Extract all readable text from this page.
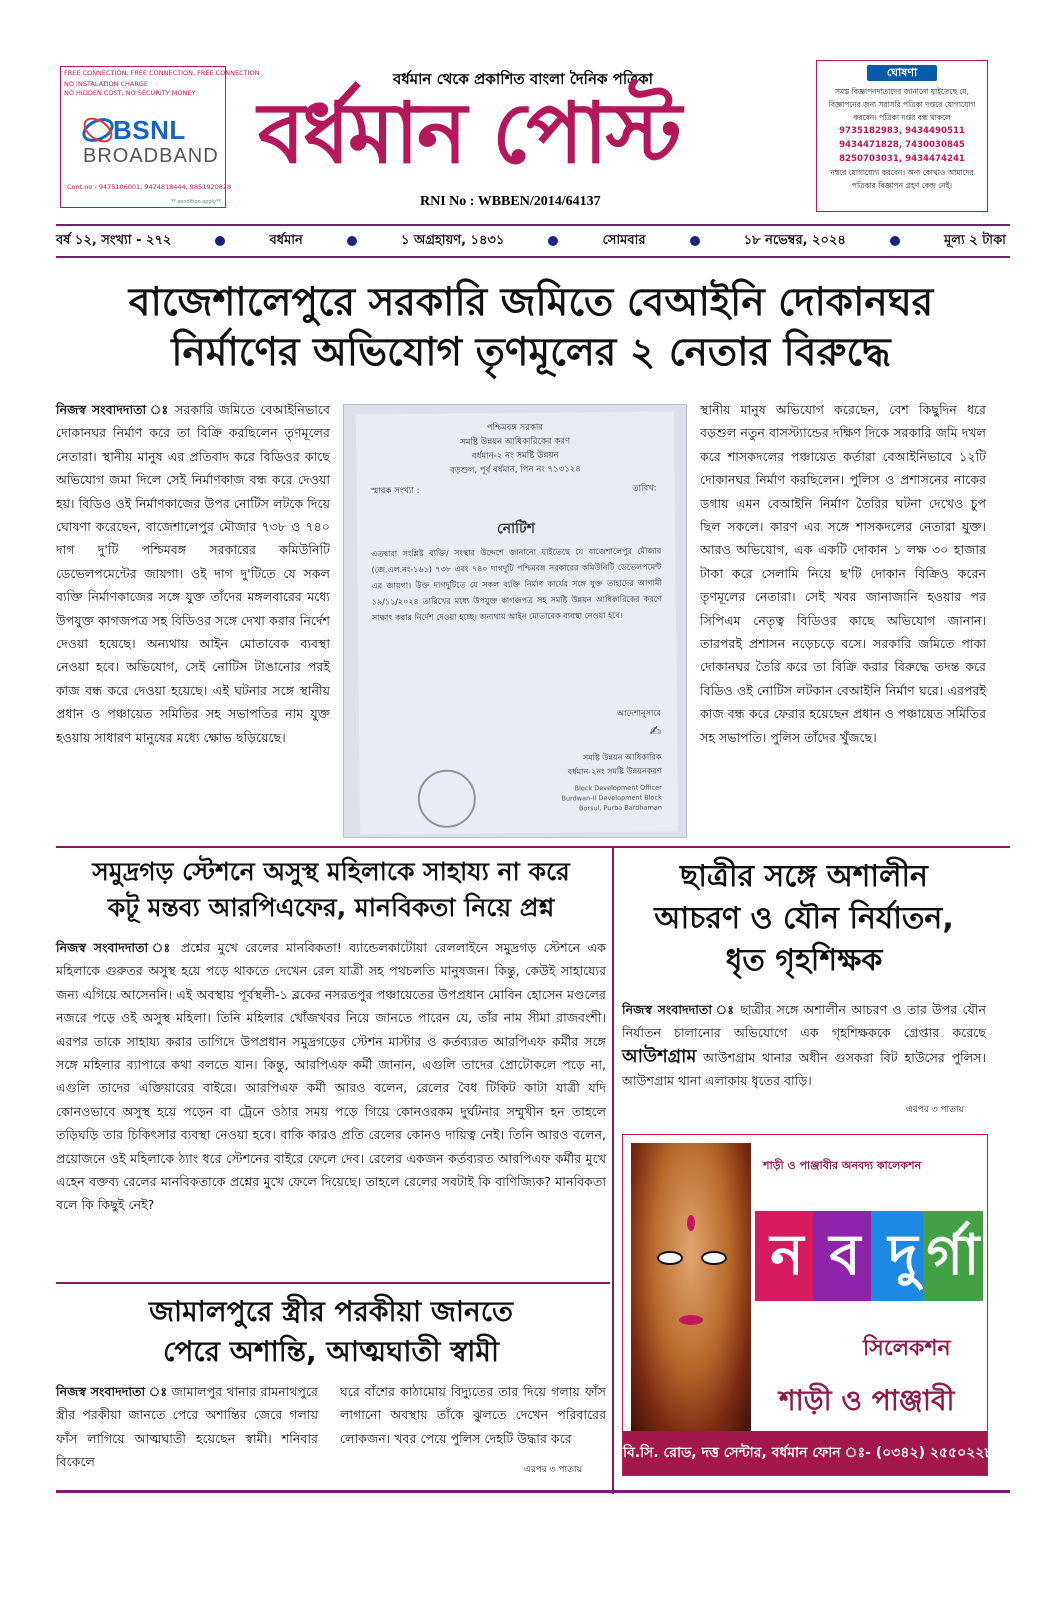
FREE CONNECTION, FREE CONNECTION, FREE CONNECTION
NO INSTALATION CHARGE
NO HIDDEN COST, NO SECURITY MONEY
BSNL
BROADBAND
Cont.no - 9475106001, 9474818444, 9851920828
** condition apply**
বর্ধমান থেকে প্রকাশিত বাংলা দৈনিক পত্রিকা
বর্ধমান পোস্ট
RNI No : WBBEN/2014/64137
ঘোষণা
সমস্ত বিজ্ঞাপনদাতাদের জানানো যাইতেছে যে, বিজ্ঞাপনের জন্য সরাসরি পত্রিকা দপ্তরে যোগাযোগ করবেন। পত্রিকা দপ্তর বন্ধ থাকলে
9735182983, 9434490511
9434471828, 7430030845
8250703031, 9434474241
নম্বরে যোগাযোগ করবেন। অন্য কোথাও আমাদের পত্রিকার বিজ্ঞাপন গ্রহণ কেন্দ্র নেই।
বর্ষ ১২, সংখ্যা - ২৭২	বর্ধমান	১ অগ্রহায়ণ, ১৪৩১	সোমবার	১৮ নভেম্বর, ২০২৪	মূল্য ২ টাকা
বাজেশালেপুরে সরকারি জমিতে বেআইনি দোকানঘর
নির্মাণের অভিযোগ তৃণমূলের ২ নেতার বিরুদ্ধে
নিজস্ব সংবাদদাতা ঃ সরকারি জমিতে বেআইনিভাবে দোকানঘর নির্মাণ করে তা বিক্রি করছিলেন তৃণমূলের নেতারা। স্থানীয় মানুষ এর প্রতিবাদ করে বিডিওর কাছে অভিযোগ জমা দিলে সেই নির্মাণকাজ বন্ধ করে দেওয়া হয়। বিডিও ওই নির্মাণকাজের উপর নোটিস লটকে দিয়ে ঘোষণা করেছেন, বাজেশালেপুর মৌজার ৭৩৮ ও ৭৪০ দাগ দু'টি পশ্চিমবঙ্গ সরকারের কমিউনিটি ডেভেলপমেন্টের জায়গা। ওই দাগ দু'টিতে যে সকল ব্যক্তি নির্মাণকাজের সঙ্গে যুক্ত তাঁদের মঙ্গলবারের মধ্যে উপযুক্ত কাগজপত্র সহ বিডিওর সঙ্গে দেখা করার নির্দেশ দেওয়া হয়েছে। অন্যথায় আইন মোতাবেক ব্যবস্থা নেওয়া হবে। অভিযোগ, সেই নোটিস টাঙানোর পরই কাজ বন্ধ করে দেওয়া হয়েছে। এই ঘটনার সঙ্গে স্থানীয় প্রধান ও পঞ্চায়েত সমিতির সহ সভাপতির নাম যুক্ত হওয়ায় সাধারণ মানুষের মধ্যে ক্ষোভ ছড়িয়েছে।
পশ্চিমবঙ্গ সরকার
সমষ্টি উন্নয়ন আধিকারিকের করণ
বর্ধমান-২ নং সমষ্টি উন্নয়ন
বড়শুল, পূর্ব বর্ধমান, পিন নং ৭১৩১২৪
স্মারক সংখ্যা :	তারিখ:
নোটিশ
এতদ্বারা সংশ্লিষ্ট ব্যক্তি/ সংস্থার উদ্দেশে জানানো যাইতেছে যে বাজেশালেপুর মৌজার (জে.এল.নং-১৬১) ৭৩৮ এবং ৭৪০ দাগদুটি পশ্চিমবঙ্গ সরকারের কমিউনিটি ডেভেলপমেন্ট এর জায়গা। উক্ত দাগদুটিতে যে সকল ব্যক্তি নির্মাণ কার্যের সঙ্গে যুক্ত তাহাদের আগামী ১৯/১১/২০২৪ তারিখের মধ্যে উপযুক্ত কাগজপত্র সহ সমষ্টি উন্নয়ন আধিকারিকের করণে সাক্ষাৎ করার নির্দেশ দেওয়া হচ্ছে। অন্যথায় আইন মোতাবেক ব্যবস্থা নেওয়া হবে।
আদেশানুসারে
✍
সমষ্টি উন্নয়ন আধিকারিক
বর্ধমান-২নং সমষ্টি উন্নয়নকরণ
Block Development Officer
Burdwan-II Development Block
Borsul, Purba Bardhaman
স্থানীয় মানুষ অভিযোগ করেছেন, বেশ কিছুদিন ধরে বড়শুল নতুন বাসস্ট্যান্ডের দক্ষিণ দিকে সরকারি জমি দখল করে শাসকদলের পঞ্চায়েত কর্তারা বেআইনিভাবে ১২টি দোকানঘর নির্মাণ করছিলেন। পুলিস ও প্রশাসনের নাকের ডগায় এমন বেআইনি নির্মাণ তৈরির ঘটনা দেখেও চুপ ছিল সকলে। কারণ এর সঙ্গে শাসকদলের নেতারা যুক্ত। আরও অভিযোগ, এক একটি দোকান ১ লক্ষ ৩০ হাজার টাকা করে সেলামি নিয়ে ছ'টি দোকান বিক্রিও করেন তৃণমূলের নেতারা। সেই খবর জানাজানি হওয়ার পর সিপিএম নেতৃত্ব বিডিওর কাছে অভিযোগ জানান। তারপরই প্রশাসন নড়েচড়ে বসে। সরকারি জমিতে পাকা দোকানঘর তৈরি করে তা বিক্রি করার বিরুদ্ধে তদন্ত করে বিডিও ওই নোটিস লটকান বেআইনি নির্মাণ ঘরে। এরপরই কাজ বন্ধ করে ফেরার হয়েছেন প্রধান ও পঞ্চায়েত সমিতির সহ সভাপতি। পুলিস তাঁদের খুঁজছে।
সমুদ্রগড় স্টেশনে অসুস্থ মহিলাকে সাহায্য না করে
কটূ মন্তব্য আরপিএফের, মানবিকতা নিয়ে প্রশ্ন
নিজস্ব সংবাদদাতা ঃ প্রশ্নের মুখে রেলের মানবিকতা! ব্যান্ডেলকাটোয়া রেললাইনে সমুদ্রগড় স্টেশনে এক মহিলাকে গুরুতর অসুস্থ হয়ে পড়ে থাকতে দেখেন রেল যাত্রী সহ পথচলতি মানুষজন। কিন্তু, কেউই সাহায্যের জন্য এগিয়ে আসেননি। এই অবস্থায় পূর্বস্থলী-১ ব্লকের নসরতপুর পঞ্চায়েতের উপপ্রধান মোবিন হোসেন মণ্ডলের নজরে পড়ে ওই অসুস্থ মহিলা। তিনি মহিলার খোঁজখবর নিয়ে জানতে পারেন যে, তাঁর নাম সীমা রাজবংশী। এরপর তাকে সাহায্য করার তাগিদে উপপ্রধান সমুদ্রগড়ের স্টেশন মাস্টার ও কর্তব্যরত আরপিএফ কর্মীর সঙ্গে সঙ্গে মহিলার ব্যাপারে কথা বলতে যান। কিন্তু, আরপিএফ কর্মী জানান, এগুলি তাদের প্রোটোকলে পড়ে না, এগুলি তাদের এক্তিয়ারের বাইরে। আরপিএফ কর্মী আরও বলেন, রেলের বৈধ টিকিট কাটা যাত্রী যদি কোনওভাবে অসুস্থ হয়ে পড়েন বা ট্রেনে ওঠার সময় পড়ে গিয়ে কোনওরকম দুর্ঘটনার সম্মুখীন হন তাহলে তড়িঘড়ি তার চিকিৎসার ব্যবস্থা নেওয়া হবে। বাকি কারও প্রতি রেলের কোনও দায়িত্ব নেই। তিনি আরও বলেন, প্রয়োজনে ওই মহিলাকে ঠ্যাং ধরে স্টেশনের বাইরে ফেলে দেব। রেলের একজন কর্তব্যরত আরপিএফ কর্মীর মুখে এহেন বক্তব্য রেলের মানবিকতাকে প্রশ্নের মুখে ফেলে দিয়েছে। তাহলে রেলের সবটাই কি বাণিজ্যিক? মানবিকতা বলে কি কিছুই নেই?
ছাত্রীর সঙ্গে অশালীন
আচরণ ও যৌন নির্যাতন,
ধৃত গৃহশিক্ষক
নিজস্ব সংবাদদাতা ঃ ছাত্রীর সঙ্গে অশালীন আচরণ ও তার উপর যৌন নির্যাতন চালানোর অভিযোগে এক গৃহশিক্ষককে গ্রেপ্তার করেছে আউশগ্রাম আউশগ্রাম থানার অধীন গুসকরা বিট হাউসের পুলিস। আউশগ্রাম থানা এলাকায় ধৃতের বাড়ি।
এরপর ৩ পাতায়
জামালপুরে স্ত্রীর পরকীয়া জানতে
পেরে অশান্তি, আত্মঘাতী স্বামী
নিজস্ব সংবাদদাতা ঃ জামালপুর থানার রামনাথপুরে স্ত্রীর পরকীয়া জানতে পেরে অশান্তির জেরে গলায় ফাঁস লাগিয়ে আত্মঘাতী হয়েছেন স্বামী। শনিবার বিকেলে
ঘরে বাঁশের কাঠামোয় বিদ্যুতের তার দিয়ে গলায় ফাঁস লাগানো অবস্থায় তাঁকে ঝুলতে দেখেন পরিবারের লোকজন। খবর পেয়ে পুলিস দেহটি উদ্ধার করে
এরপর ৩ পাতায়
শাড়ী ও পাঞ্জাবীর অনবদ্য কালেকশন
ন ব দু র্গা
সিলেকশন
শাড়ী ও পাঞ্জাবী
বি.সি. রোড, দত্ত সেন্টার, বর্ধমান ফোন ঃ- (০৩৪২) ২৫৫০২২৮
